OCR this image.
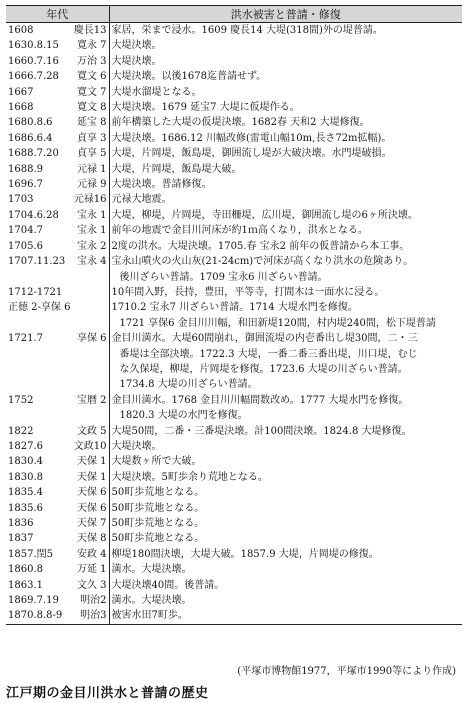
年代	洪水被害と普請・修復

1608 慶長13	家居，栄まで浸水。1609 慶長14 大堤(318間)外の堤普請。

1630.8.15 寛永 7	大堤決壊。

1660.7.16 万治 3	大堤決壊。

1666.7.28 寛文 6	大堤決壊。以後1678迄普請せず。

1667 寛文 7	大堤水溜堤となる。

1668 寛文 8	大堤決壊。1679 延宝7 大堤に仮堤作る。

1680.8.6 延宝 8	前年構築した大堤の仮堤決壊。1682春 天和2 大堤修復。

1686.6.4 貞享 3	大堤決壊。1686.12 川幅改修(雷電山幅10m,長さ72m拡幅)。

1688.7.20 貞享 5	大堤，片岡堤，飯島堤，御囲流し堤が大破決壊。水門堤破損。

1688.9 元禄 1	大堤，片岡堤，飯島堤大破。

1696.7 元禄 9	大堤決壊。普請修復。

1703 元禄16	元禄大地震。

1704.6.28 宝永 1	大堤，柳堤，片岡堤，寺田柵堤，広川堤，御囲流し堤の6ヶ所決壊。

1704.7 宝永 1	前年の地震で金目川河床が約1ｍ高くなり，洪水となる。

1705.6 宝永 2	2度の洪水。大堤決壊。1705.春 宝永2 前年の仮普請から本工事。

1707.11.23 宝永 4	宝永山噴火の火山灰(21-24cm)で河床が高くなり洪水の危険あり。
後川ざらい普請。1709 宝永6 川ざらい普請。

1712-1721	10年間入野，長持，豊田，平等寺，打間木は一面水に浸る。

正徳 2-享保 6	1710.2 宝永7 川ざらい普請。1714 大堤水門を修復。
1721 享保6 金目川川幅，和田新堤120間，村内堤240間，松下堤普請

1721.7 享保 6	金目川満水。大堤60間崩れ，御囲流堤の内壱番出し堤30間，二・三
番堤は全部決壊。1722.3 大堤，一番二番三番出堤，川口堤，むじ
な久保堤，柳堤，片岡堤を修復。1723.6 大堤の川ざらい普請。
1734.8 大堤の川ざらい普請。

1752 宝暦 2	金目川満水。1768 金目川川幅間数改め。1777 大堤水門を修復。
1820.3 大堤の水門を修復。

1822 文政 5	大堤50間，二番・三番堤決壊。計100間決壊。1824.8 大堤修復。

1827.6 文政10	大堤決壊。

1830.4 天保 1	大堤数ヶ所で大破。

1830.8 天保 1	大堤決壊。5町歩余り荒地となる。

1835.4 天保 6	50町歩荒地となる。

1835.6 天保 6	50町歩荒地となる。

1836 天保 7	50町歩荒地となる。

1837 天保 8	50町歩荒地となる。

1857.閏5 安政 4	柳堤180間決壊，大堤大破。1857.9 大堤，片岡堤の修復。

1860.8 万延 1	満水。大堤決壊。

1863.1 文久 3	大堤決壊40間。後普請。

1869.7.19 明治2	満水。大堤決壊。

1870.8.8-9 明治3	被害水田7町歩。
(平塚市博物館1977，平塚市1990等により作成)
江戸期の金目川洪水と普請の歴史
